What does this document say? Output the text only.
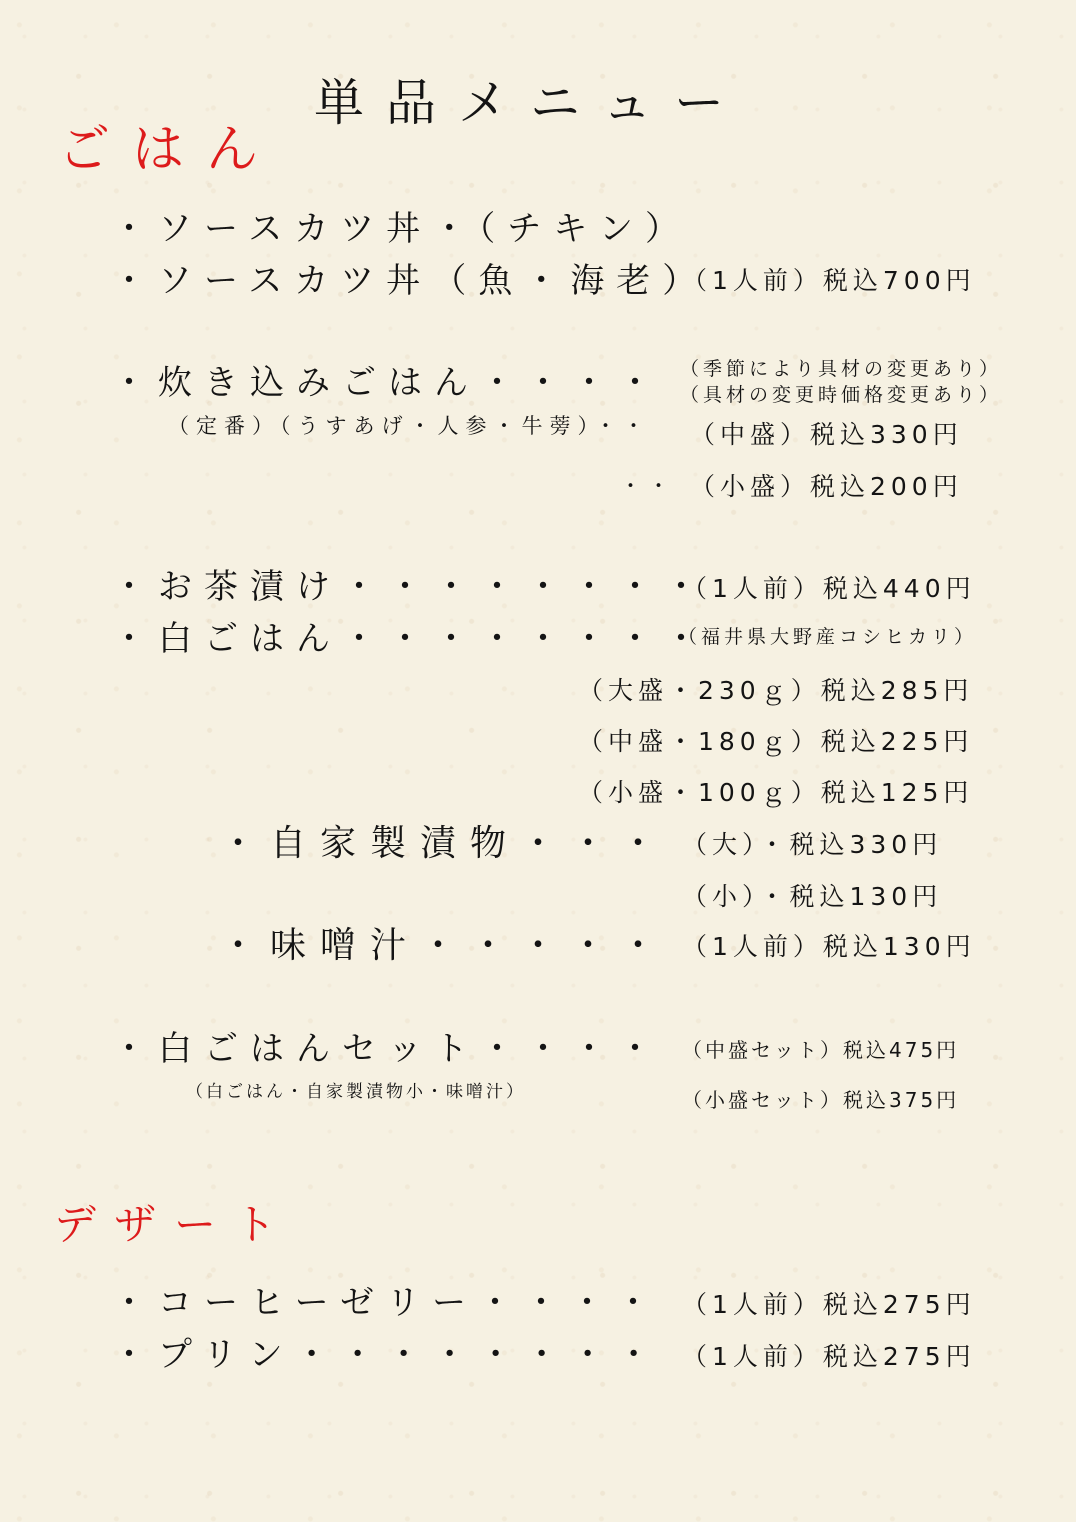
単品メニュー
ごはん
・ソースカツ丼・（チキン）
・ソースカツ丼（魚・海老）
（1人前）税込700円
・炊き込みごはん・・・・ （季節により具材の変更あり）
（具材の変更時価格変更あり）
（定番）（うすあげ・人参・牛蒡）・・ （中盛）税込330円
・・ （小盛）税込200円
・お茶漬け・・・・・・・・
（1人前）税込440円
・白ごはん・・・・・・・・
（福井県大野産コシヒカリ）
（大盛・230ｇ）税込285円
（中盛・180ｇ）税込225円
（小盛・100ｇ）税込125円
・自家製漬物・・・ （大）・税込330円
（小）・税込130円
・味噌汁・・・・・ （1人前）税込130円
・白ごはんセット・・・・
（白ごはん・自家製漬物小・味噌汁）
（中盛セット）税込475円
（小盛セット）税込375円
デザート
・コーヒーゼリー・・・・ （1人前）税込275円
・プリン・・・・・・・・ （1人前）税込275円
